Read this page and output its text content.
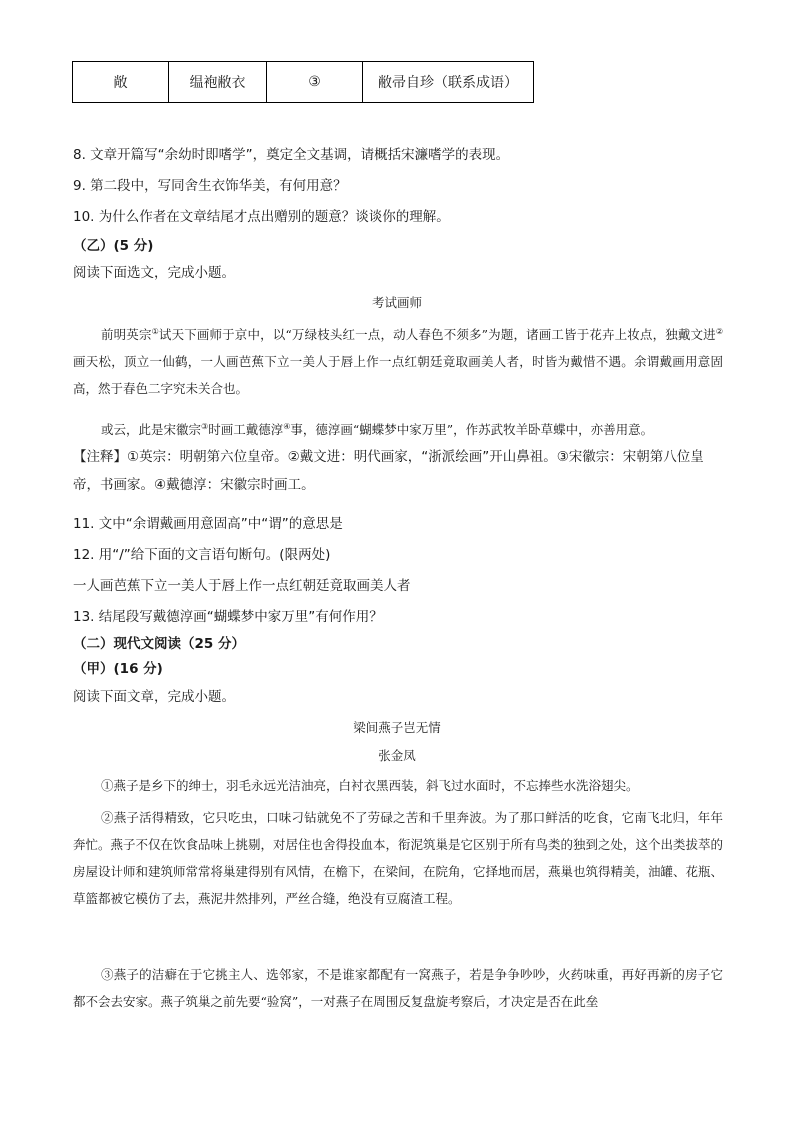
敞	缊袍敝衣	③	敝帚自珍（联系成语）
8. 文章开篇写“余幼时即嗜学”，奠定全文基调，请概括宋濂嗜学的表现。
9. 第二段中，写同舍生衣饰华美，有何用意？
10. 为什么作者在文章结尾才点出赠别的题意？谈谈你的理解。
（乙）(5 分)
阅读下面选文，完成小题。
考试画师
前明英宗①试天下画师于京中，以“万绿枝头红一点，动人春色不须多”为题，诸画工皆于花卉上妆点，独戴文进②画天松，顶立一仙鹤，一人画芭蕉下立一美人于唇上作一点红朝廷竟取画美人者，时皆为戴惜不遇。余谓戴画用意固高，然于春色二字究未关合也。
或云，此是宋徽宗③时画工戴德淳④事，德淳画“蝴蝶梦中家万里”，作苏武牧羊卧草蝶中，亦善用意。
【注释】①英宗：明朝第六位皇帝。②戴文进：明代画家，“浙派绘画”开山鼻祖。③宋徽宗：宋朝第八位皇帝，书画家。④戴德淳：宋徽宗时画工。
11. 文中“余谓戴画用意固高”中“谓”的意思是
12. 用“/”给下面的文言语句断句。(限两处)
一人画芭蕉下立一美人于唇上作一点红朝廷竟取画美人者
13. 结尾段写戴德淳画“蝴蝶梦中家万里”有何作用？
（二）现代文阅读（25 分）
（甲）(16 分)
阅读下面文章，完成小题。
梁间燕子岂无情
张金凤
①燕子是乡下的绅士，羽毛永远光洁油亮，白衬衣黑西装，斜飞过水面时，不忘捧些水洗浴翅尖。
②燕子活得精致，它只吃虫，口味刁钻就免不了劳碌之苦和千里奔波。为了那口鲜活的吃食，它南飞北归，年年奔忙。燕子不仅在饮食品味上挑剔，对居住也舍得投血本，衔泥筑巢是它区别于所有鸟类的独到之处，这个出类拔萃的房屋设计师和建筑师常常将巢建得别有风情，在檐下，在梁间，在院角，它择地而居，燕巢也筑得精美，油罐、花瓶、草篮都被它模仿了去，燕泥井然排列，严丝合缝，绝没有豆腐渣工程。
③燕子的洁癖在于它挑主人、选邻家，不是谁家都配有一窝燕子，若是争争吵吵，火药味重，再好再新的房子它都不会去安家。燕子筑巢之前先要“验窝”，一对燕子在周围反复盘旋考察后，才决定是否在此垒
